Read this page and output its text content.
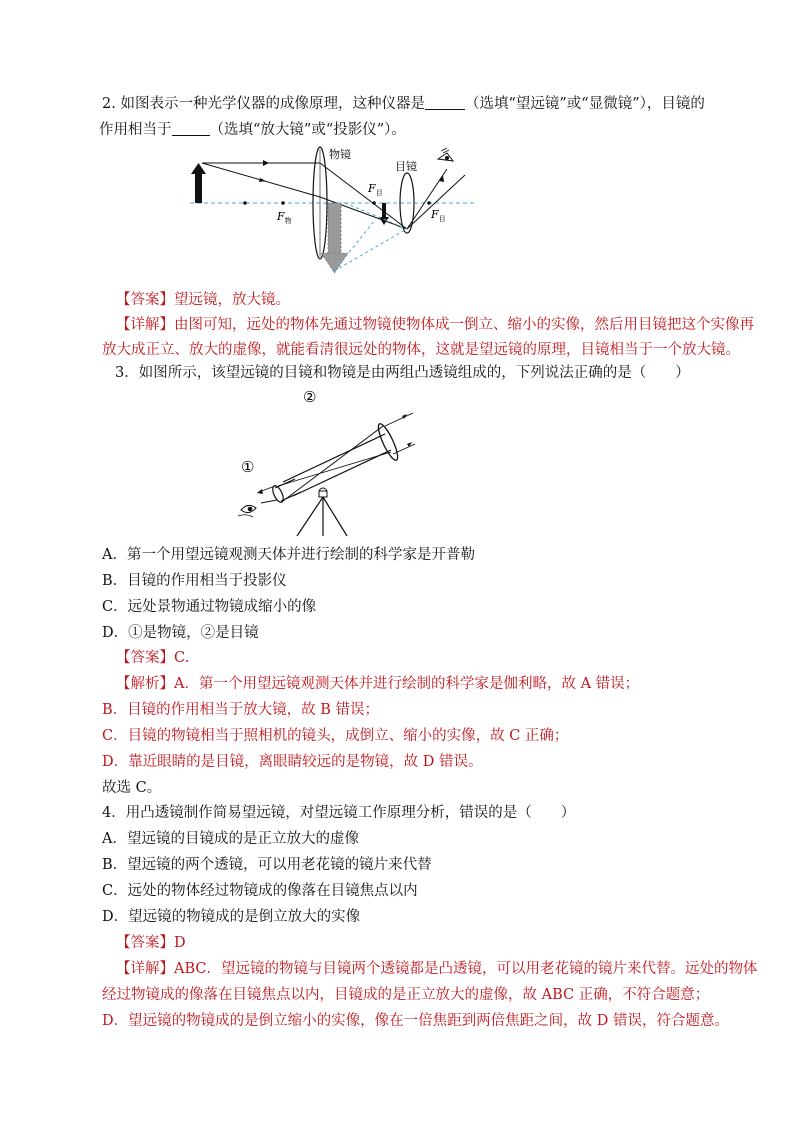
2. 如图表示一种光学仪器的成像原理，这种仪器是	（选填“望远镜”或“显微镜”），目镜的
作用相当于	（选填“放大镜”或“投影仪”）。
物镜
目镜
$F_物$
$F_目$
$F_目$
【答案】望远镜，放大镜。
【详解】由图可知，远处的物体先通过物镜使物体成一倒立、缩小的实像，然后用目镜把这个实像再
放大成正立、放大的虚像，就能看清很远处的物体，这就是望远镜的原理，目镜相当于一个放大镜。
3．如图所示，该望远镜的目镜和物镜是由两组凸透镜组成的，下列说法正确的是（　　）
①
②
A．第一个用望远镜观测天体并进行绘制的科学家是开普勒
B．目镜的作用相当于投影仪
C．远处景物通过物镜成缩小的像
D．①是物镜，②是目镜
【答案】C.
【解析】A．第一个用望远镜观测天体并进行绘制的科学家是伽利略，故 A 错误；
B．目镜的作用相当于放大镜，故 B 错误；
C．目镜的物镜相当于照相机的镜头，成倒立、缩小的实像，故 C 正确；
D．靠近眼睛的是目镜，离眼睛较远的是物镜，故 D 错误。
故选 C。
4．用凸透镜制作简易望远镜，对望远镜工作原理分析，错误的是（　　）
A．望远镜的目镜成的是正立放大的虚像
B．望远镜的两个透镜，可以用老花镜的镜片来代替
C．远处的物体经过物镜成的像落在目镜焦点以内
D．望远镜的物镜成的是倒立放大的实像
【答案】D
【详解】ABC．望远镜的物镜与目镜两个透镜都是凸透镜，可以用老花镜的镜片来代替。远处的物体
经过物镜成的像落在目镜焦点以内，目镜成的是正立放大的虚像，故 ABC 正确，不符合题意；
D．望远镜的物镜成的是倒立缩小的实像，像在一倍焦距到两倍焦距之间，故 D 错误，符合题意。
